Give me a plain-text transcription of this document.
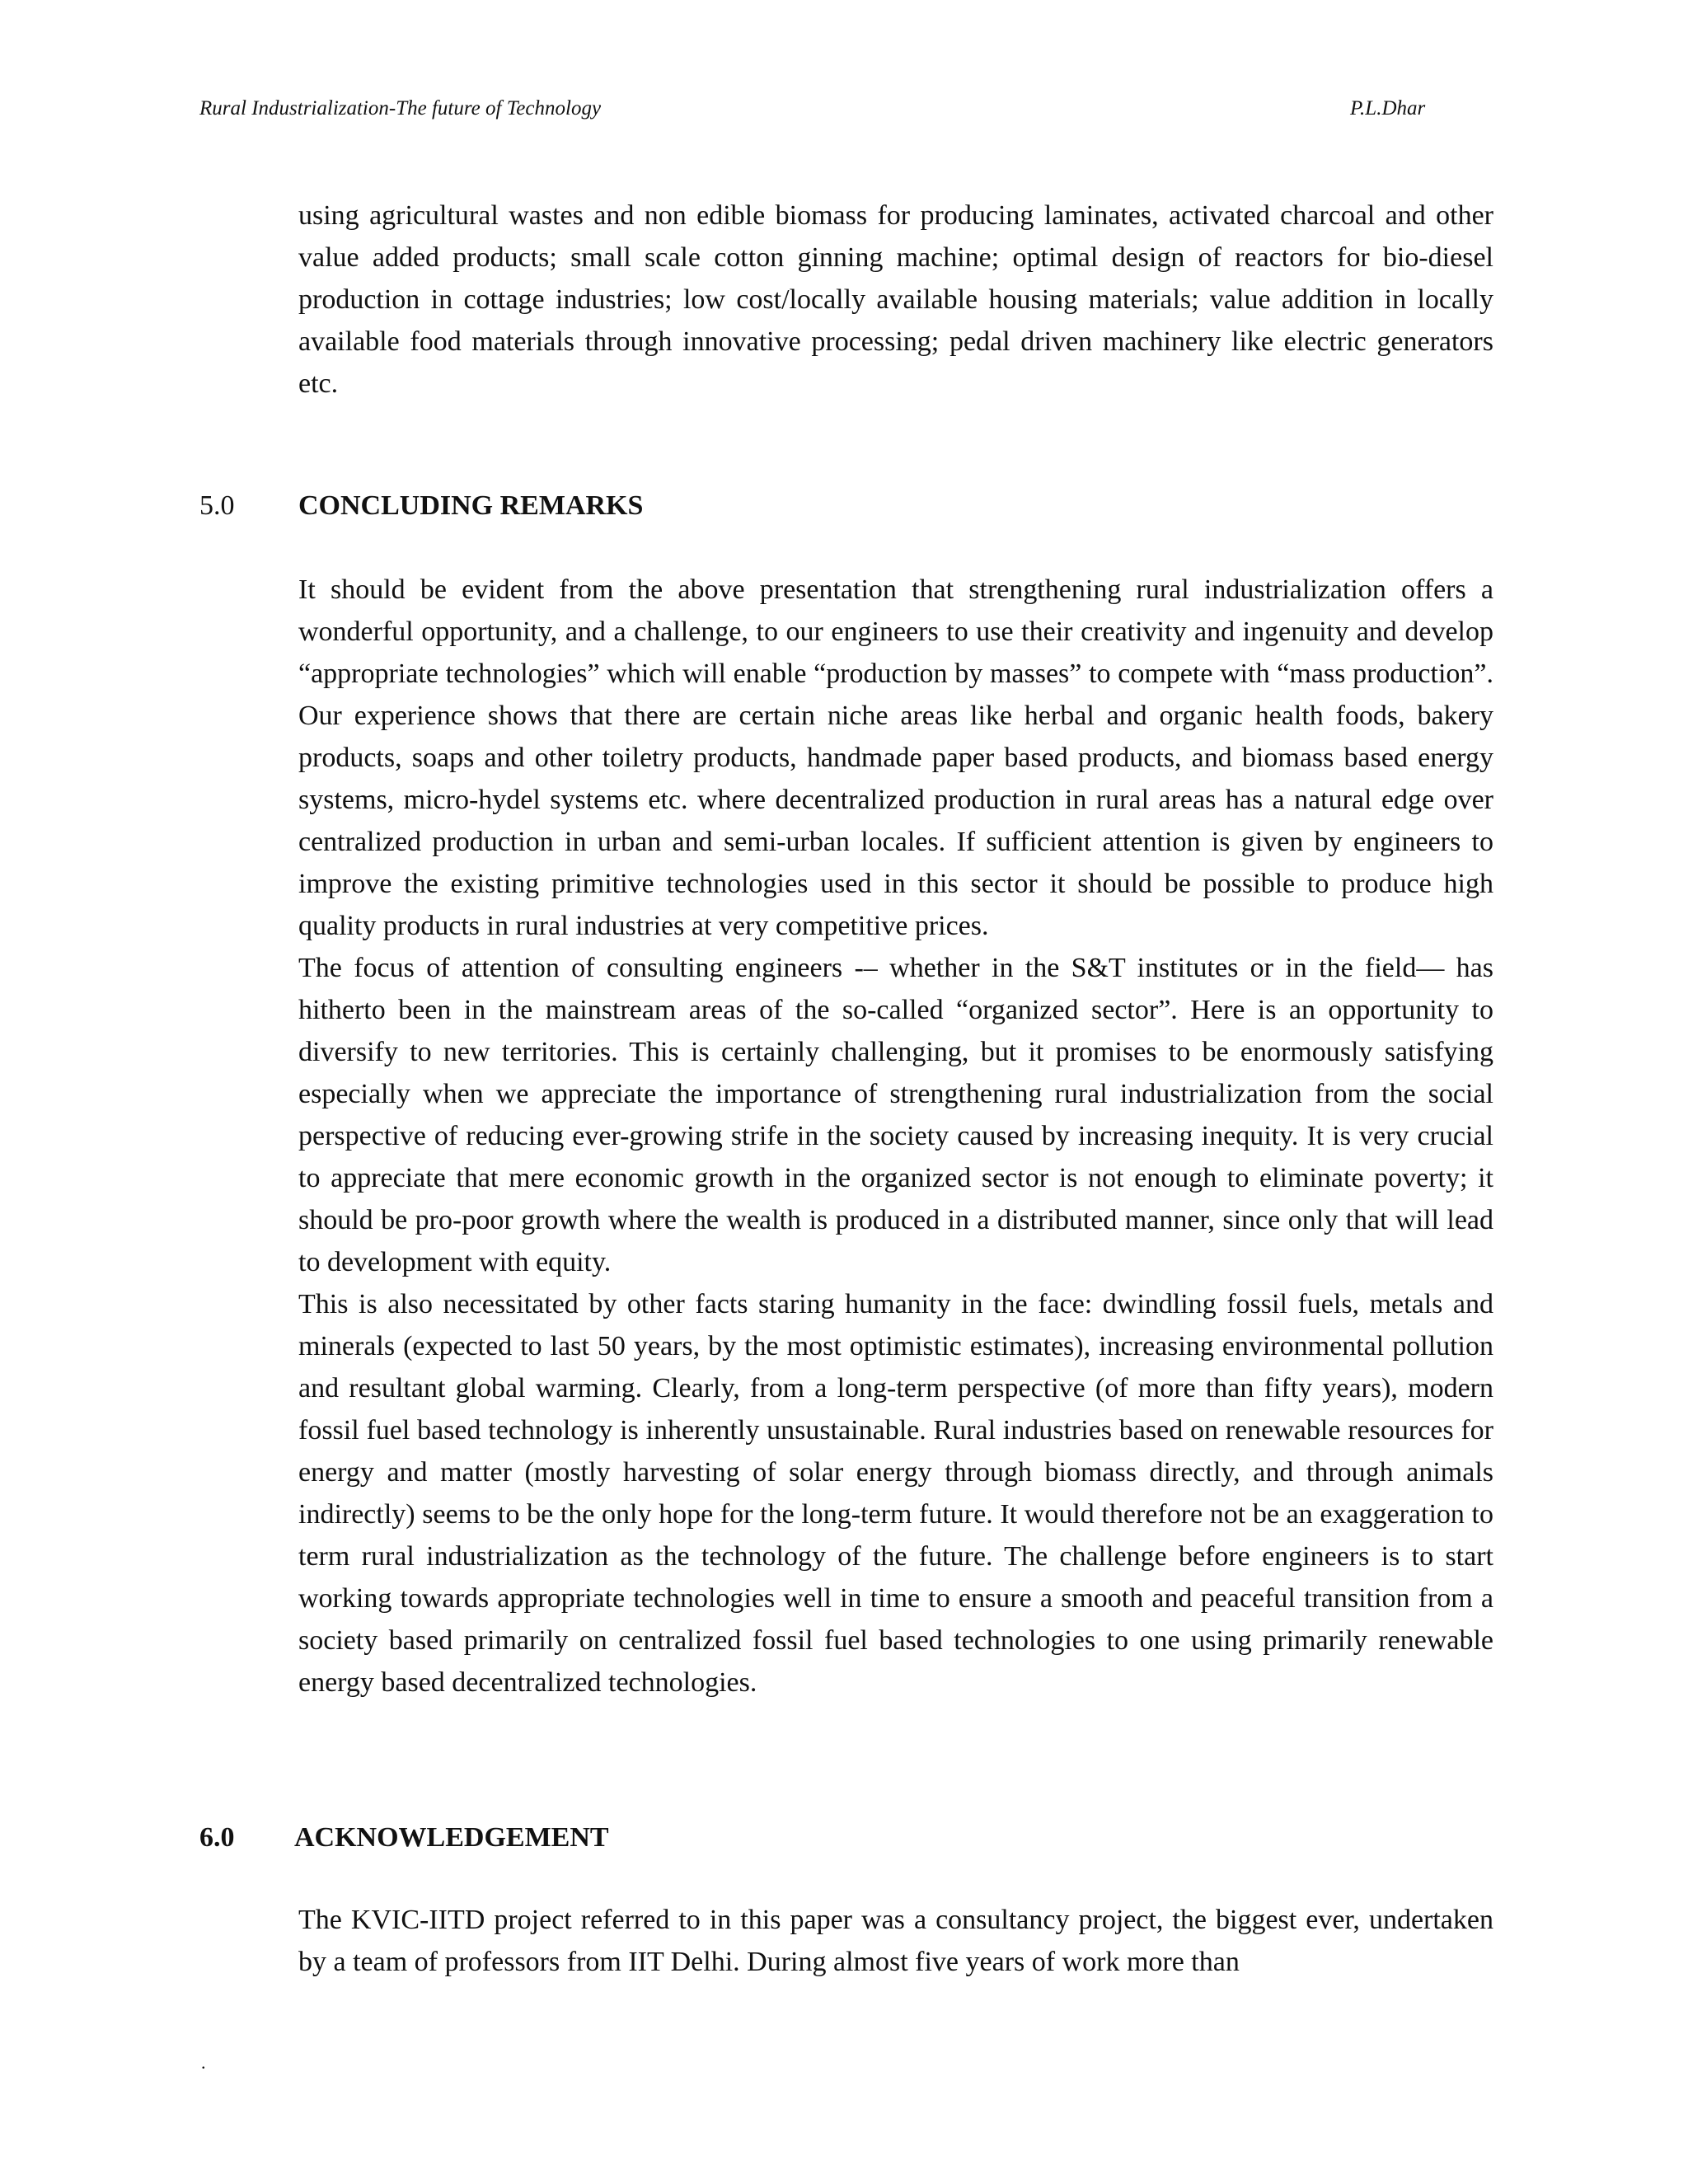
Rural Industrialization-The future of Technology	P.L.Dhar

using agricultural wastes and non edible biomass for producing laminates, activated charcoal and other value added products; small scale cotton ginning machine; optimal design of reactors for bio-diesel production in cottage industries; low cost/locally available housing materials; value addition in locally available food materials through innovative processing; pedal driven machinery like electric generators etc.

5.0 CONCLUDING REMARKS

It should be evident from the above presentation that strengthening rural industrialization offers a wonderful opportunity, and a challenge, to our engineers to use their creativity and ingenuity and develop “appropriate technologies” which will enable “production by masses” to compete with “mass production”. Our experience shows that there are certain niche areas like herbal and organic health foods, bakery products, soaps and other toiletry products, handmade paper based products, and biomass based energy systems, micro-hydel systems etc. where decentralized production in rural areas has a natural edge over centralized production in urban and semi-urban locales. If sufficient attention is given by engineers to improve the existing primitive technologies used in this sector it should be possible to produce high quality products in rural industries at very competitive prices.

The focus of attention of consulting engineers -– whether in the S&T institutes or in the field— has hitherto been in the mainstream areas of the so-called “organized sector”. Here is an opportunity to diversify to new territories. This is certainly challenging, but it promises to be enormously satisfying especially when we appreciate the importance of strengthening rural industrialization from the social perspective of reducing ever-growing strife in the society caused by increasing inequity. It is very crucial to appreciate that mere economic growth in the organized sector is not enough to eliminate poverty; it should be pro-poor growth where the wealth is produced in a distributed manner, since only that will lead to development with equity.

This is also necessitated by other facts staring humanity in the face: dwindling fossil fuels, metals and minerals (expected to last 50 years, by the most optimistic estimates), increasing environmental pollution and resultant global warming. Clearly, from a long-term perspective (of more than fifty years), modern fossil fuel based technology is inherently unsustainable. Rural industries based on renewable resources for energy and matter (mostly harvesting of solar energy through biomass directly, and through animals indirectly) seems to be the only hope for the long-term future. It would therefore not be an exaggeration to term rural industrialization as the technology of the future. The challenge before engineers is to start working towards appropriate technologies well in time to ensure a smooth and peaceful transition from a society based primarily on centralized fossil fuel based technologies to one using primarily renewable energy based decentralized technologies.

6.0 ACKNOWLEDGEMENT

The KVIC-IITD project referred to in this paper was a consultancy project, the biggest ever, undertaken by a team of professors from IIT Delhi. During almost five years of work more than

.
